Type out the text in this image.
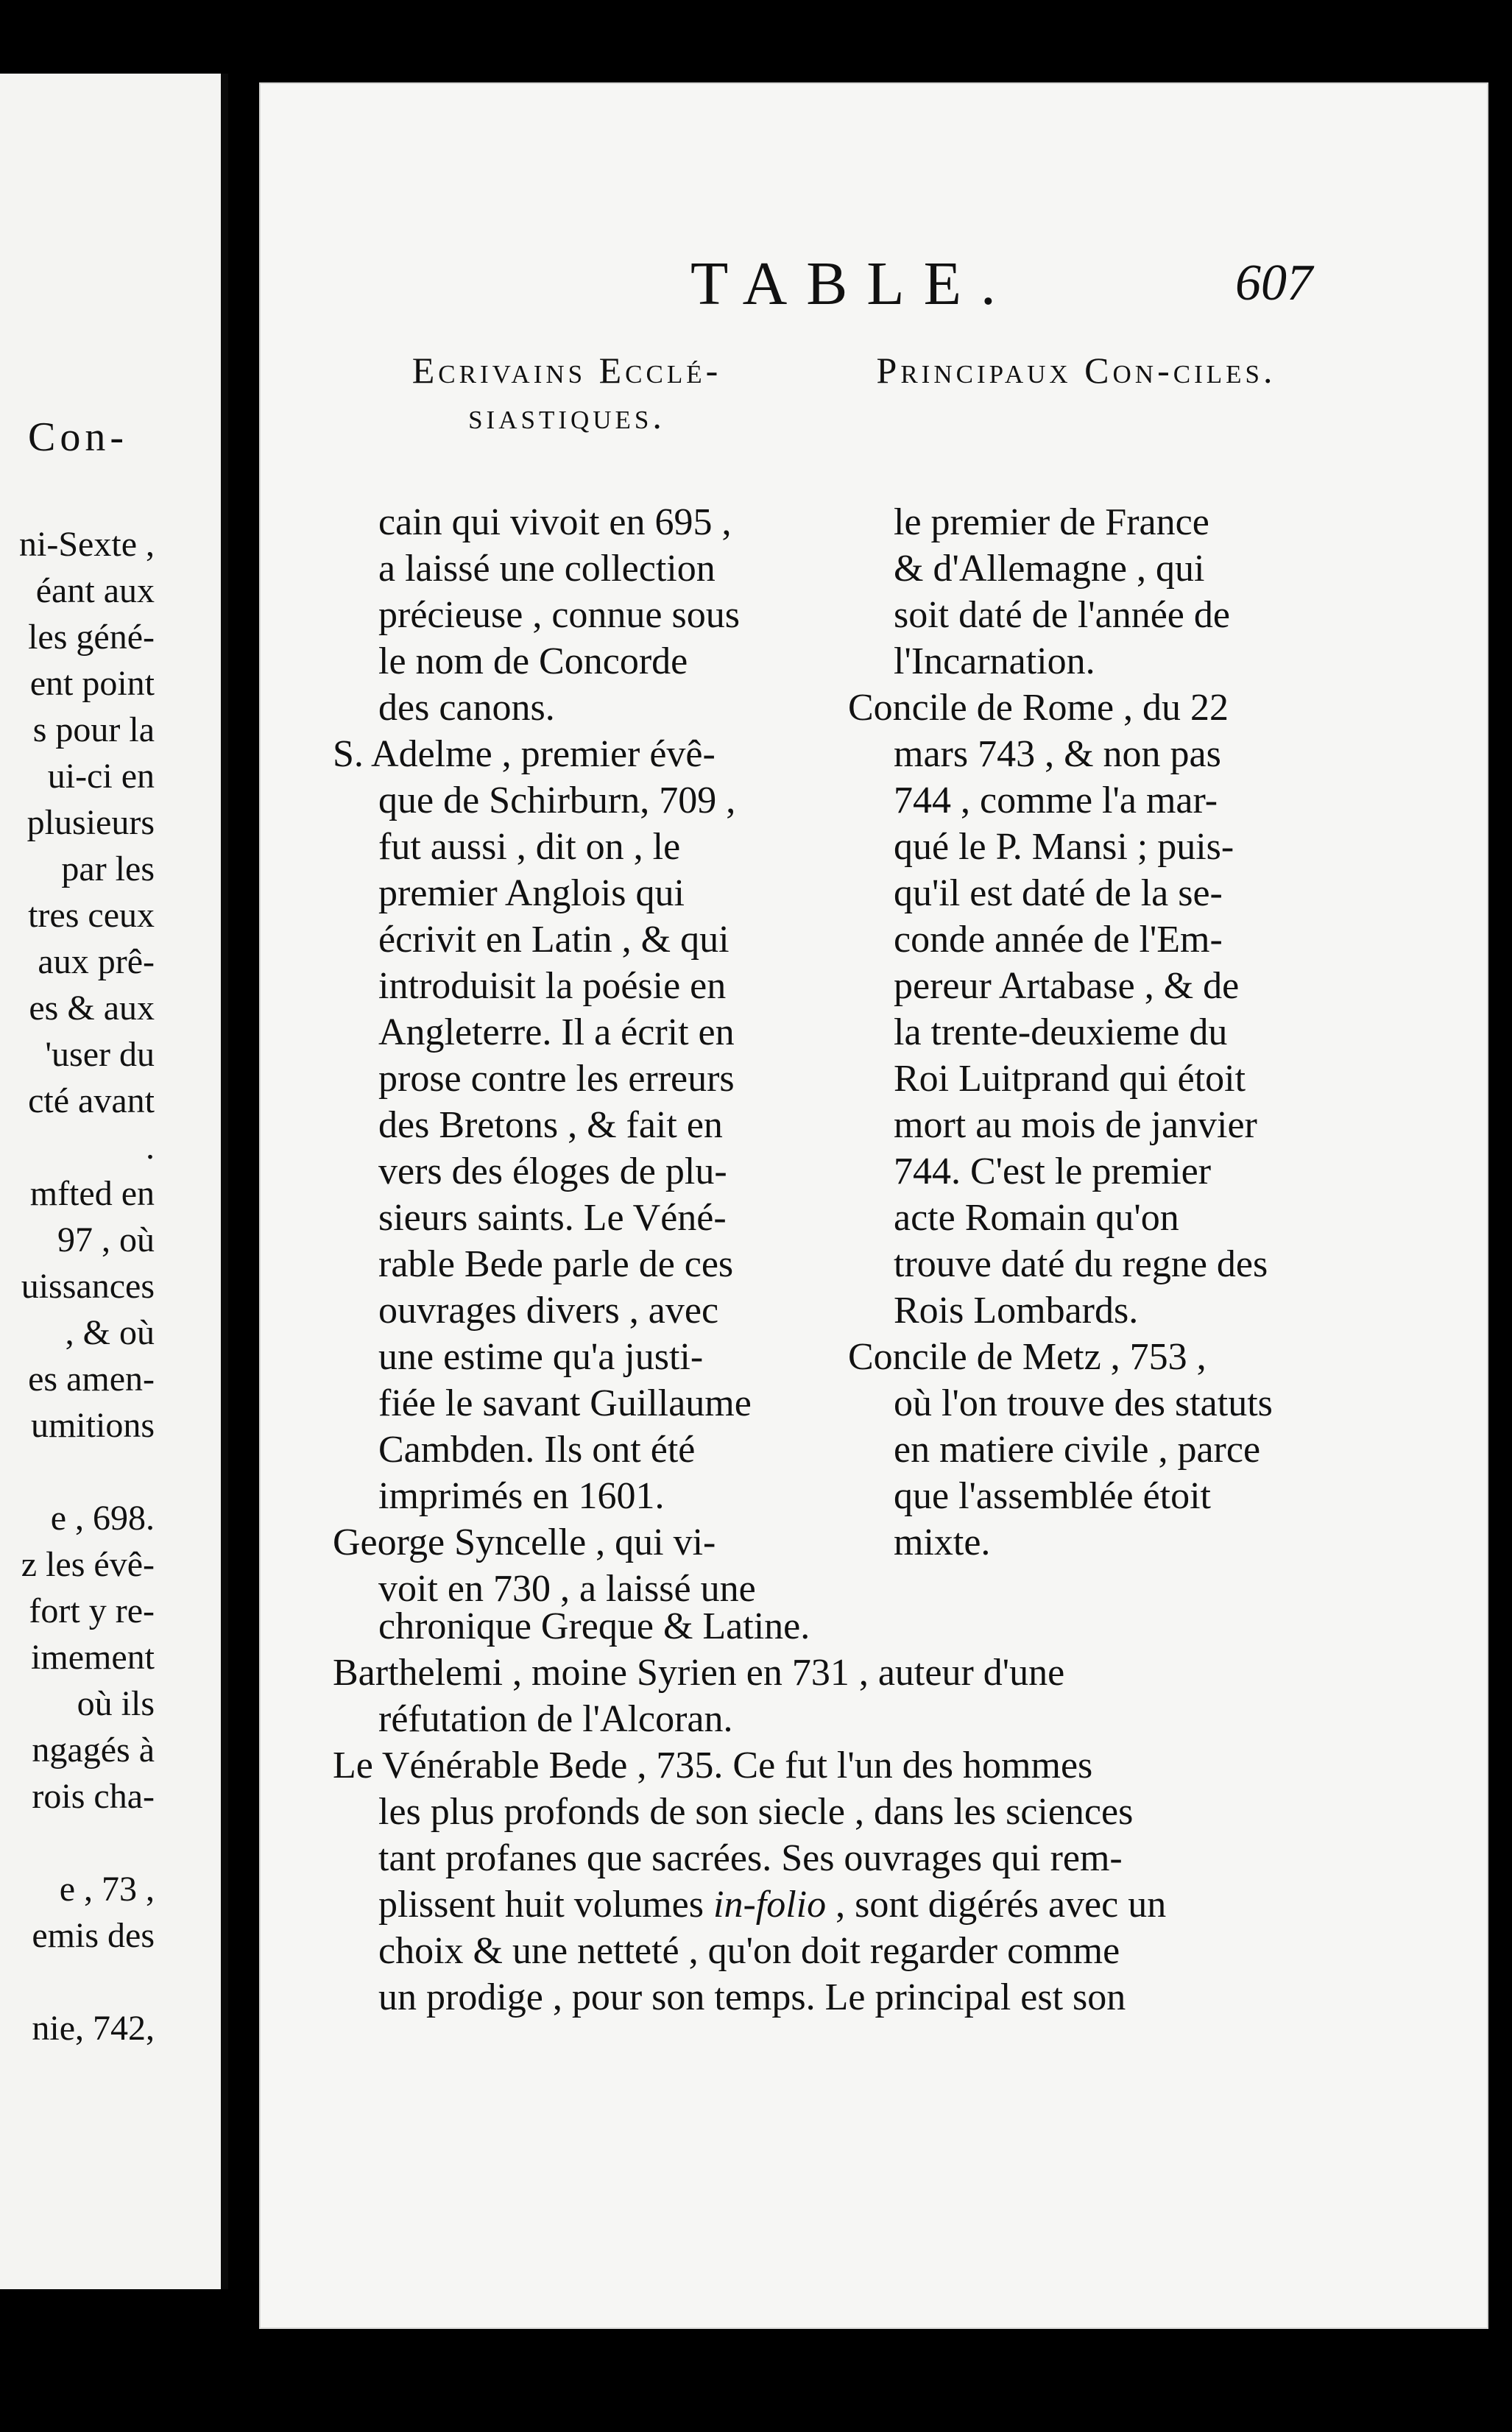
Con-
ni-Sexte ,
éant aux
les géné-
ent point
s pour la
ui-ci en
plusieurs
par les
tres ceux
aux prê-
es & aux
'user du
cté avant
.
mfted en
97 , où
uissances
, & où
es amen-
umitions
e , 698.
z les évê-
fort y re-
imement
où ils
ngagés à
rois cha-
e , 73 ,
emis des
nie, 742,
TABLE.	607
Ecrivains Ecclé-siastiques.
Principaux Con-ciles.

cain qui vivoit en 695 ,
a laissé une collection
précieuse , connue sous
le nom de Concorde
des canons.

S. Adelme , premier évê-
que de Schirburn, 709 ,
fut aussi , dit on , le
premier Anglois qui
écrivit en Latin , & qui
introduisit la poésie en
Angleterre. Il a écrit en
prose contre les erreurs
des Bretons , & fait en
vers des éloges de plu-
sieurs saints. Le Véné-
rable Bede parle de ces
ouvrages divers , avec
une estime qu'a justi-
fiée le savant Guillaume
Cambden. Ils ont été
imprimés en 1601.

George Syncelle , qui vi-
voit en 730 , a laissé une

le premier de France
& d'Allemagne , qui
soit daté de l'année de
l'Incarnation.

Concile de Rome , du 22
mars 743 , & non pas
744 , comme l'a mar-
qué le P. Mansi ; puis-
qu'il est daté de la se-
conde année de l'Em-
pereur Artabase , & de
la trente-deuxieme du
Roi Luitprand qui étoit
mort au mois de janvier
744. C'est le premier
acte Romain qu'on
trouve daté du regne des
Rois Lombards.

Concile de Metz , 753 ,
où l'on trouve des statuts
en matiere civile , parce
que l'assemblée étoit
mixte.

chronique Greque & Latine.
Barthelemi , moine Syrien en 731 , auteur d'une
réfutation de l'Alcoran.
Le Vénérable Bede , 735. Ce fut l'un des hommes
les plus profonds de son siecle , dans les sciences
tant profanes que sacrées. Ses ouvrages qui rem-
plissent huit volumes in-folio , sont digérés avec un
choix & une netteté , qu'on doit regarder comme
un prodige , pour son temps. Le principal est son
